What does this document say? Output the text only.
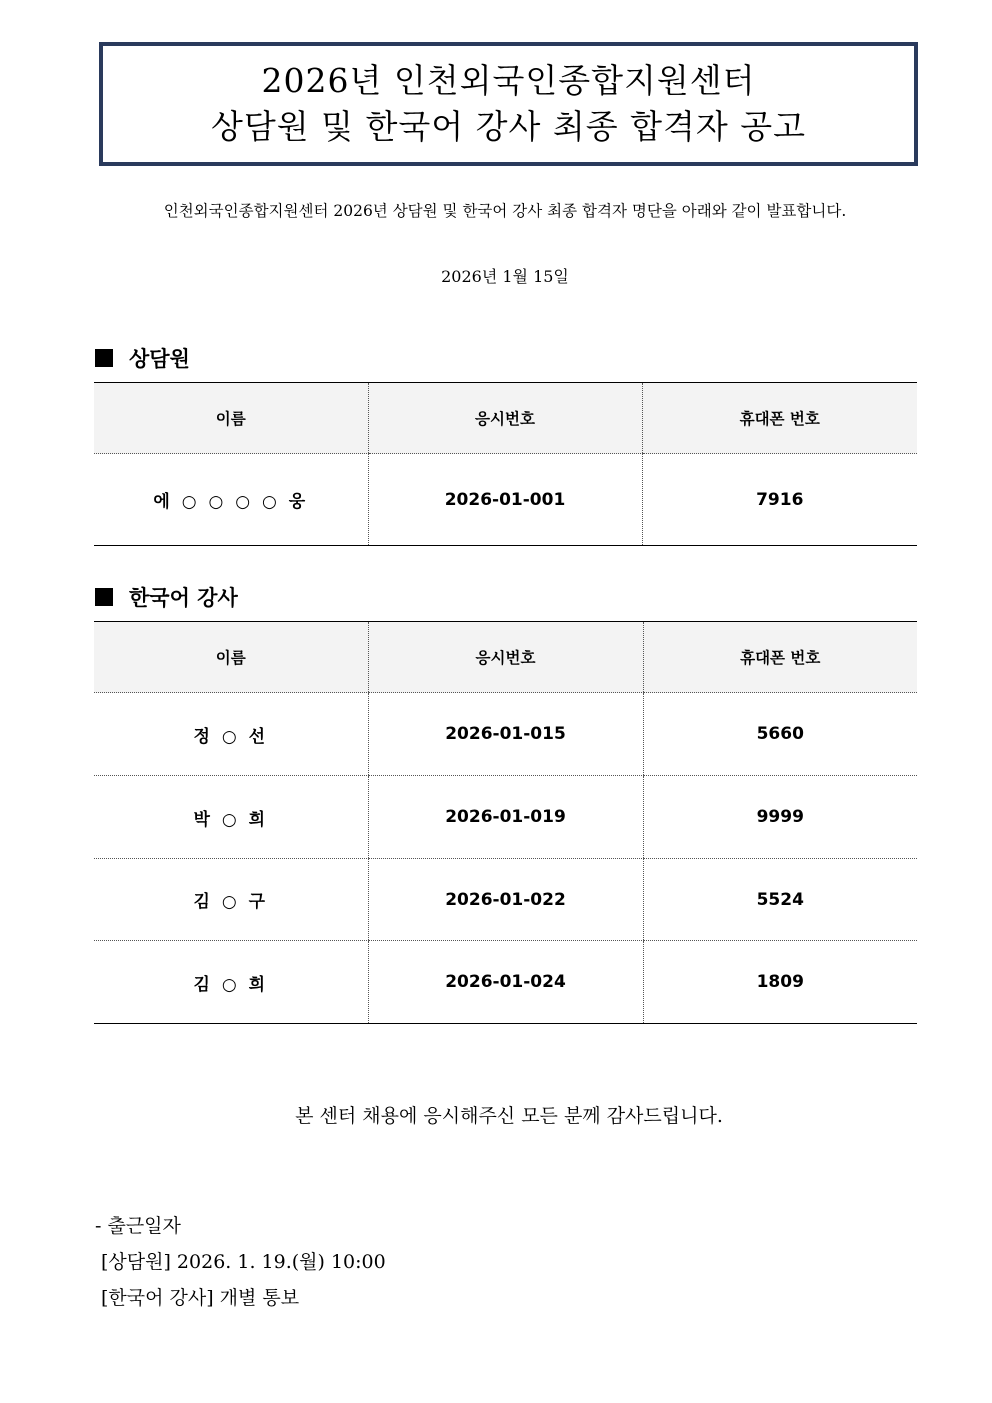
2026년 인천외국인종합지원센터
상담원 및 한국어 강사 최종 합격자 공고
인천외국인종합지원센터 2026년 상담원 및 한국어 강사 최종 합격자 명단을 아래와 같이 발표합니다.
2026년 1월 15일
상담원
이름	응시번호	휴대폰 번호
에 ○ ○ ○ ○ 웅	2026-01-001	7916
한국어 강사
이름	응시번호	휴대폰 번호
정 ○ 선	2026-01-015	5660
박 ○ 희	2026-01-019	9999
김 ○ 구	2026-01-022	5524
김 ○ 희	2026-01-024	1809
본 센터 채용에 응시해주신 모든 분께 감사드립니다.
- 출근일자
[상담원] 2026. 1. 19.(월) 10:00
[한국어 강사] 개별 통보
